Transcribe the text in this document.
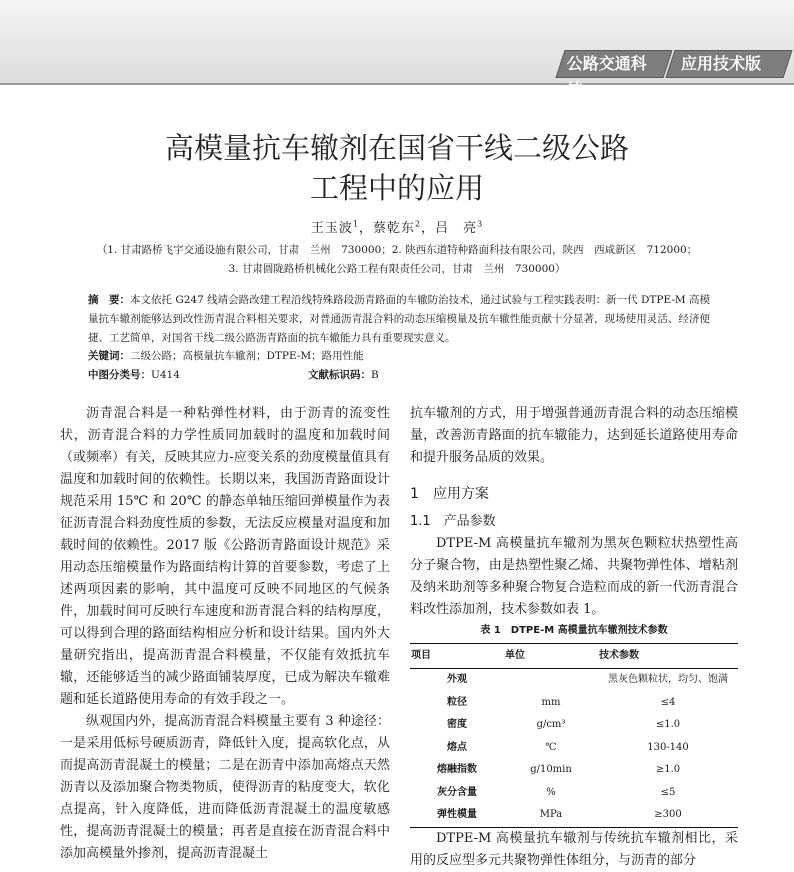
公路交通科技
应用技术版
高模量抗车辙剂在国省干线二级公路
工程中的应用
王玉波$^1$，蔡乾东$^2$，吕　亮$^3$
（1. 甘肃路桥飞宇交通设施有限公司，甘肃　兰州　730000；2. 陕西东道特种路面科技有限公司，陕西　西咸新区　712000；
3. 甘肃圆陇路桥机械化公路工程有限责任公司，甘肃　兰州　730000）
摘　要：本文依托 G247 线靖会路改建工程沿线特殊路段沥青路面的车辙防治技术，通过试验与工程实践表明：新一代 DTPE-M 高模量抗车辙剂能够达到改性沥青混合料相关要求，对普通沥青混合料的动态压缩模量及抗车辙性能贡献十分显著，现场使用灵活、经济便捷、工艺简单，对国省干线二级公路沥青路面的抗车辙能力具有重要现实意义。
关键词：二级公路；高模量抗车辙剂；DTPE-M；路用性能
中图分类号：U414	文献标识码：B

沥青混合料是一种粘弹性材料，由于沥青的流变性状，沥青混合料的力学性质同加载时的温度和加载时间（或频率）有关，反映其应力-应变关系的劲度模量值具有温度和加载时间的依赖性。长期以来，我国沥青路面设计规范采用 15℃ 和 20℃ 的静态单轴压缩回弹模量作为表征沥青混合料劲度性质的参数，无法反应模量对温度和加载时间的依赖性。2017 版《公路沥青路面设计规范》采用动态压缩模量作为路面结构计算的首要参数，考虑了上述两项因素的影响，其中温度可反映不同地区的气候条件，加载时间可反映行车速度和沥青混合料的结构厚度，可以得到合理的路面结构相应分析和设计结果。国内外大量研究指出，提高沥青混合料模量，不仅能有效抵抗车辙，还能够适当的减少路面铺装厚度，已成为解决车辙难题和延长道路使用寿命的有效手段之一。

纵观国内外，提高沥青混合料模量主要有 3 种途径：一是采用低标号硬质沥青，降低针入度，提高软化点，从而提高沥青混凝土的模量；二是在沥青中添加高熔点天然沥青以及添加聚合物类物质，使得沥青的粘度变大，软化点提高，针入度降低，进而降低沥青混凝土的温度敏感性，提高沥青混凝土的模量；再者是直接在沥青混合料中添加高模量外掺剂，提高沥青混凝土

抗车辙剂的方式，用于增强普通沥青混合料的动态压缩模量，改善沥青路面的抗车辙能力，达到延长道路使用寿命和提升服务品质的效果。

1　应用方案
1.1　产品参数

DTPE-M 高模量抗车辙剂为黑灰色颗粒状热塑性高分子聚合物，由是热塑性聚乙烯、共聚物弹性体、增粘剂及纳米助剂等多种聚合物复合造粒而成的新一代沥青混合料改性添加剂，技术参数如表 1。

表 1　DTPE-M 高模量抗车辙剂技术参数
项目	单位	技术参数
外观		黑灰色颗粒状，均匀、饱满
粒径	mm	≤4
密度	g/cm³	≤1.0
熔点	℃	130-140
熔融指数	g/10min	≥1.0
灰分含量	%	≤5
弹性模量	MPa	≥300

DTPE-M 高模量抗车辙剂与传统抗车辙剂相比，采用的反应型多元共聚物弹性体组分，与沥青的部分
